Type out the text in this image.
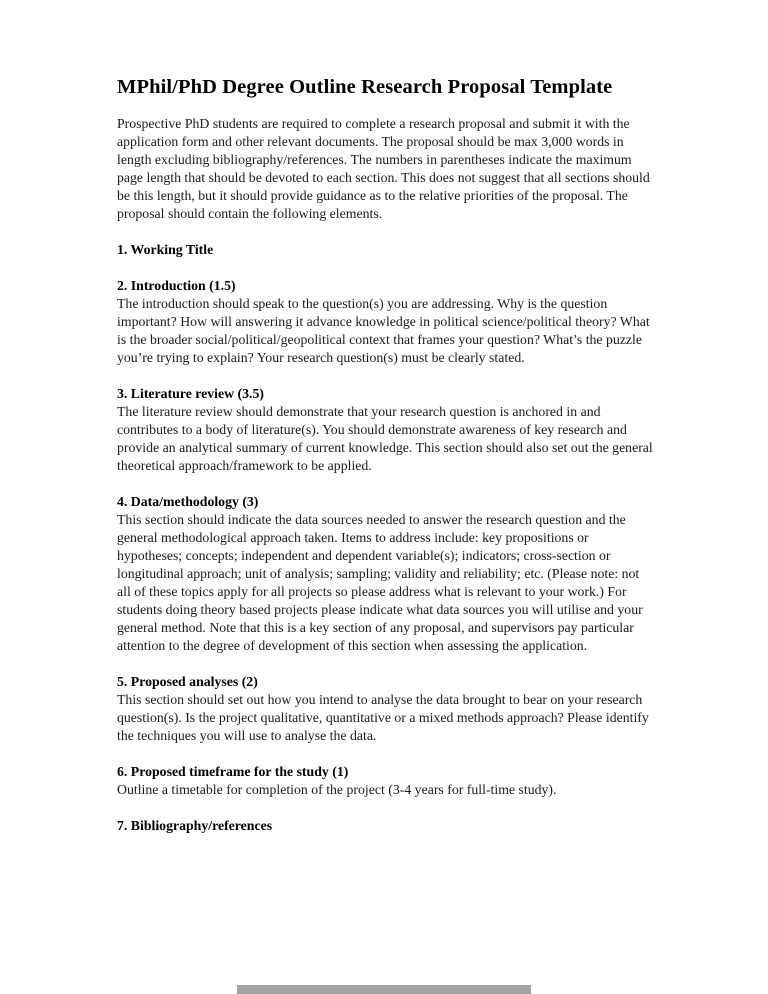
MPhil/PhD Degree Outline Research Proposal Template

Prospective PhD students are required to complete a research proposal and submit it with the application form and other relevant documents. The proposal should be max 3,000 words in length excluding bibliography/references. The numbers in parentheses indicate the maximum page length that should be devoted to each section. This does not suggest that all sections should be this length, but it should provide guidance as to the relative priorities of the proposal. The proposal should contain the following elements.

1. Working Title

2. Introduction (1.5)

The introduction should speak to the question(s) you are addressing. Why is the question important? How will answering it advance knowledge in political science/political theory? What is the broader social/political/geopolitical context that frames your question? What’s the puzzle you’re trying to explain? Your research question(s) must be clearly stated.

3. Literature review (3.5)

The literature review should demonstrate that your research question is anchored in and contributes to a body of literature(s). You should demonstrate awareness of key research and provide an analytical summary of current knowledge. This section should also set out the general theoretical approach/framework to be applied.

4. Data/methodology (3)

This section should indicate the data sources needed to answer the research question and the general methodological approach taken. Items to address include: key propositions or hypotheses; concepts; independent and dependent variable(s); indicators; cross-section or longitudinal approach; unit of analysis; sampling; validity and reliability; etc. (Please note: not all of these topics apply for all projects so please address what is relevant to your work.) For students doing theory based projects please indicate what data sources you will utilise and your general method. Note that this is a key section of any proposal, and supervisors pay particular attention to the degree of development of this section when assessing the application.

5. Proposed analyses (2)

This section should set out how you intend to analyse the data brought to bear on your research question(s). Is the project qualitative, quantitative or a mixed methods approach? Please identify the techniques you will use to analyse the data.

6. Proposed timeframe for the study (1)

Outline a timetable for completion of the project (3-4 years for full-time study).

7. Bibliography/references
